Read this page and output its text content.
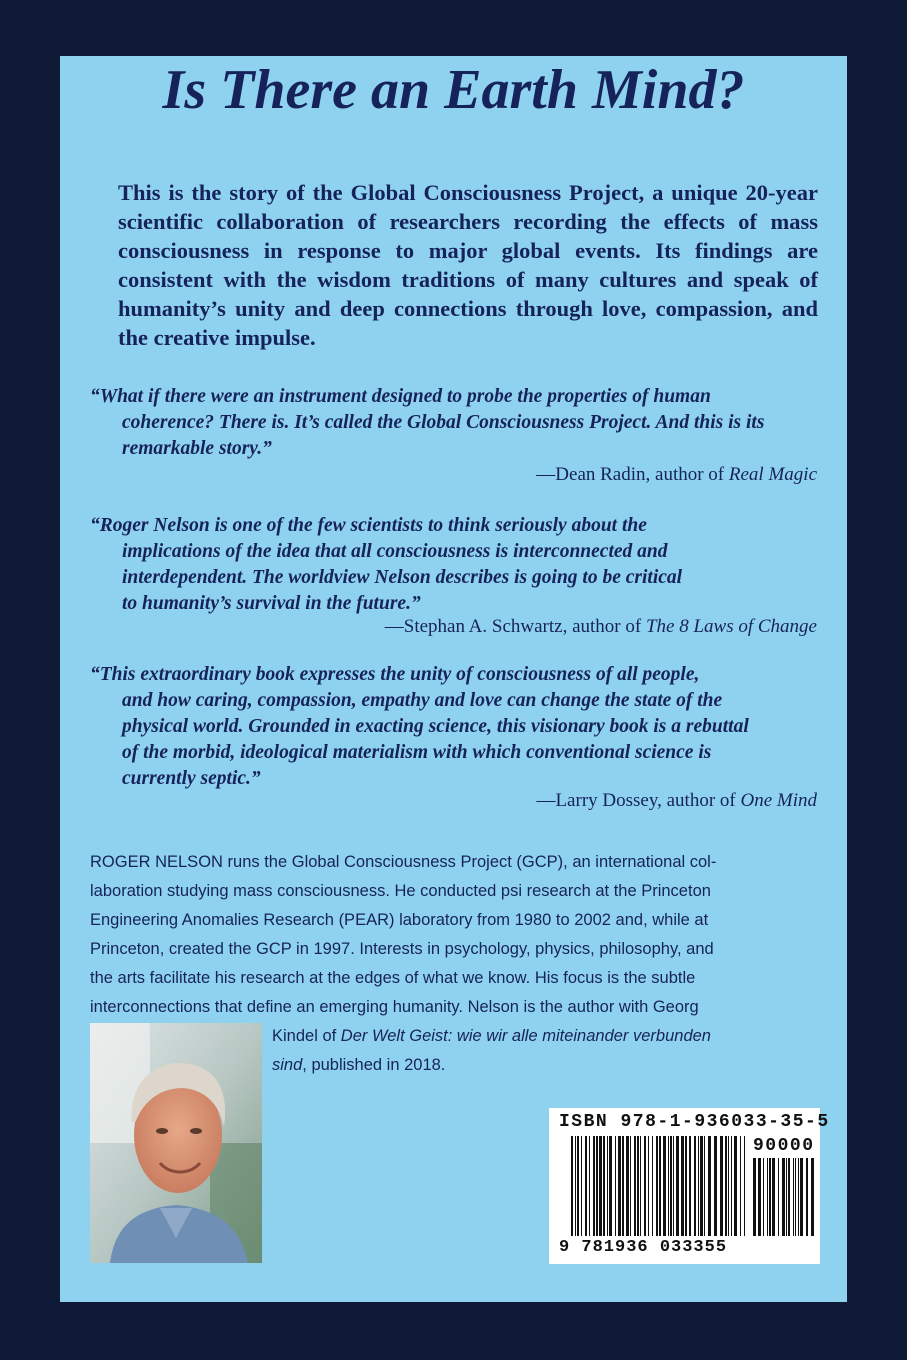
Is There an Earth Mind?
This is the story of the Global Consciousness Project, a unique 20-year scientific collaboration of researchers recording the effects of mass consciousness in response to major global events. Its findings are consistent with the wisdom traditions of many cultures and speak of humanity’s unity and deep connections through love, compassion, and the creative impulse.
“What if there were an instrument designed to probe the properties of human
coherence? There is. It’s called the Global Consciousness Project. And this is its
remarkable story.”
—Dean Radin, author of Real Magic
“Roger Nelson is one of the few scientists to think seriously about the
implications of the idea that all consciousness is interconnected and
interdependent. The worldview Nelson describes is going to be critical
to humanity’s survival in the future.”
—Stephan A. Schwartz, author of The 8 Laws of Change
“This extraordinary book expresses the unity of consciousness of all people,
and how caring, compassion, empathy and love can change the state of the
physical world. Grounded in exacting science, this visionary book is a rebuttal
of the morbid, ideological materialism with which conventional science is
currently septic.”
—Larry Dossey, author of One Mind
ROGER NELSON runs the Global Consciousness Project (GCP), an international col-
laboration studying mass consciousness. He conducted psi research at the Princeton
Engineering Anomalies Research (PEAR) laboratory from 1980 to 2002 and, while at
Princeton, created the GCP in 1997. Interests in psychology, physics, philosophy, and
the arts facilitate his research at the edges of what we know. His focus is the subtle
interconnections that define an emerging humanity. Nelson is the author with Georg
Kindel of Der Welt Geist: wie wir alle miteinander verbunden
sind, published in 2018.
ISBN 978-1-936033-35-5
90000
9 781936 033355
